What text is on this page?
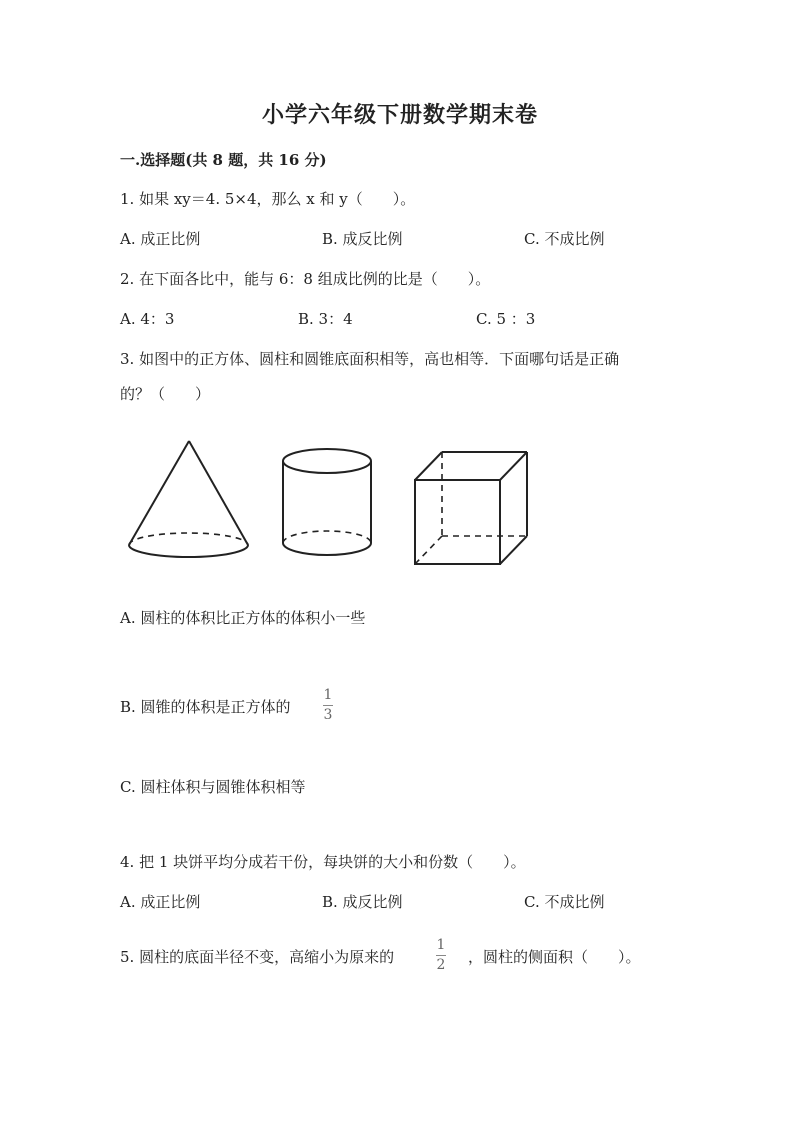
小学六年级下册数学期末卷
一.选择题(共 8 题，共 16 分)
1. 如果 xy＝4. 5×4，那么 x 和 y（　　）。
A. 成正比例	B. 成反比例	C. 不成比例
2. 在下面各比中，能与 6：8 组成比例的比是（　　）。
A. 4：3	B. 3：4	C. 5 ：3
3. 如图中的正方体、圆柱和圆锥底面积相等，高也相等．下面哪句话是正确
的？（　　）
A. 圆柱的体积比正方体的体积小一些
B. 圆锥的体积是正方体的
1
3
C. 圆柱体积与圆锥体积相等
4. 把 1 块饼平均分成若干份，每块饼的大小和份数（　　）。
A. 成正比例	B. 成反比例	C. 不成比例
5. 圆柱的底面半径不变，高缩小为原来的
1
2 ，圆柱的侧面积（　　）。
